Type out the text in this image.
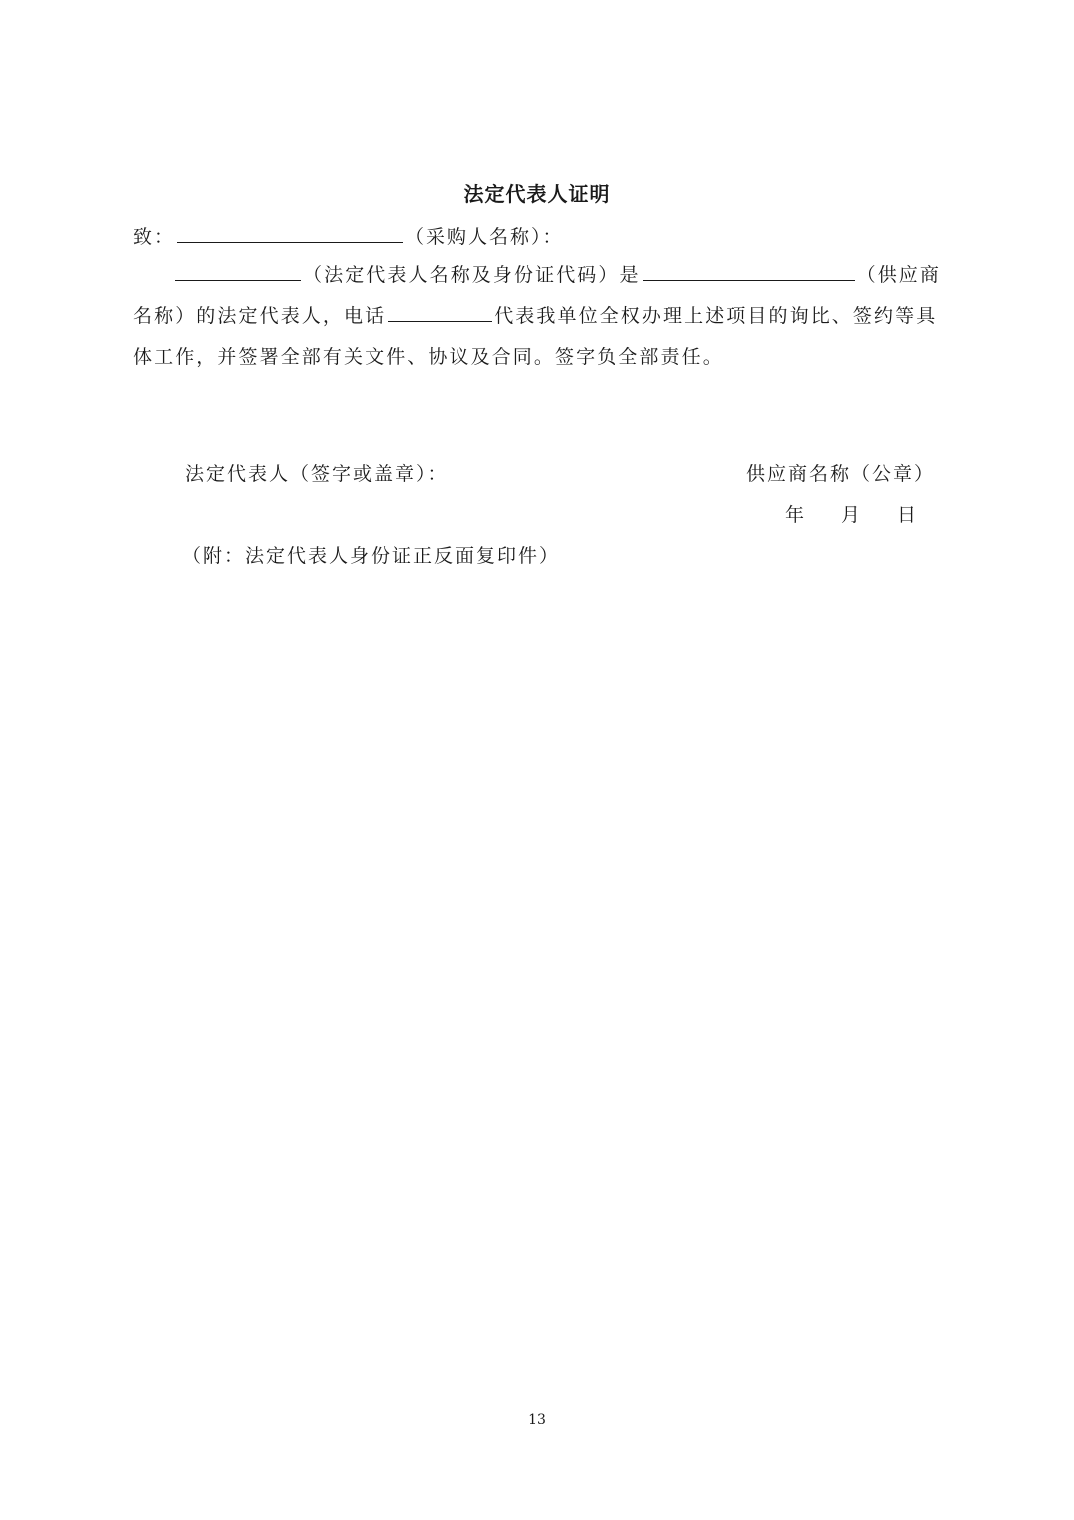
法定代表人证明
致：	（采购人名称）：
（法定代表人名称及身份证代码）是	（供应商名称）的法定代表人，电话	代表我单位全权办理上述项目的询比、签约等具体工作，并签署全部有关文件、协议及合同。签字负全部责任。
法定代表人（签字或盖章）：	供应商名称（公章）
年 月 日
（附：法定代表人身份证正反面复印件）
13
